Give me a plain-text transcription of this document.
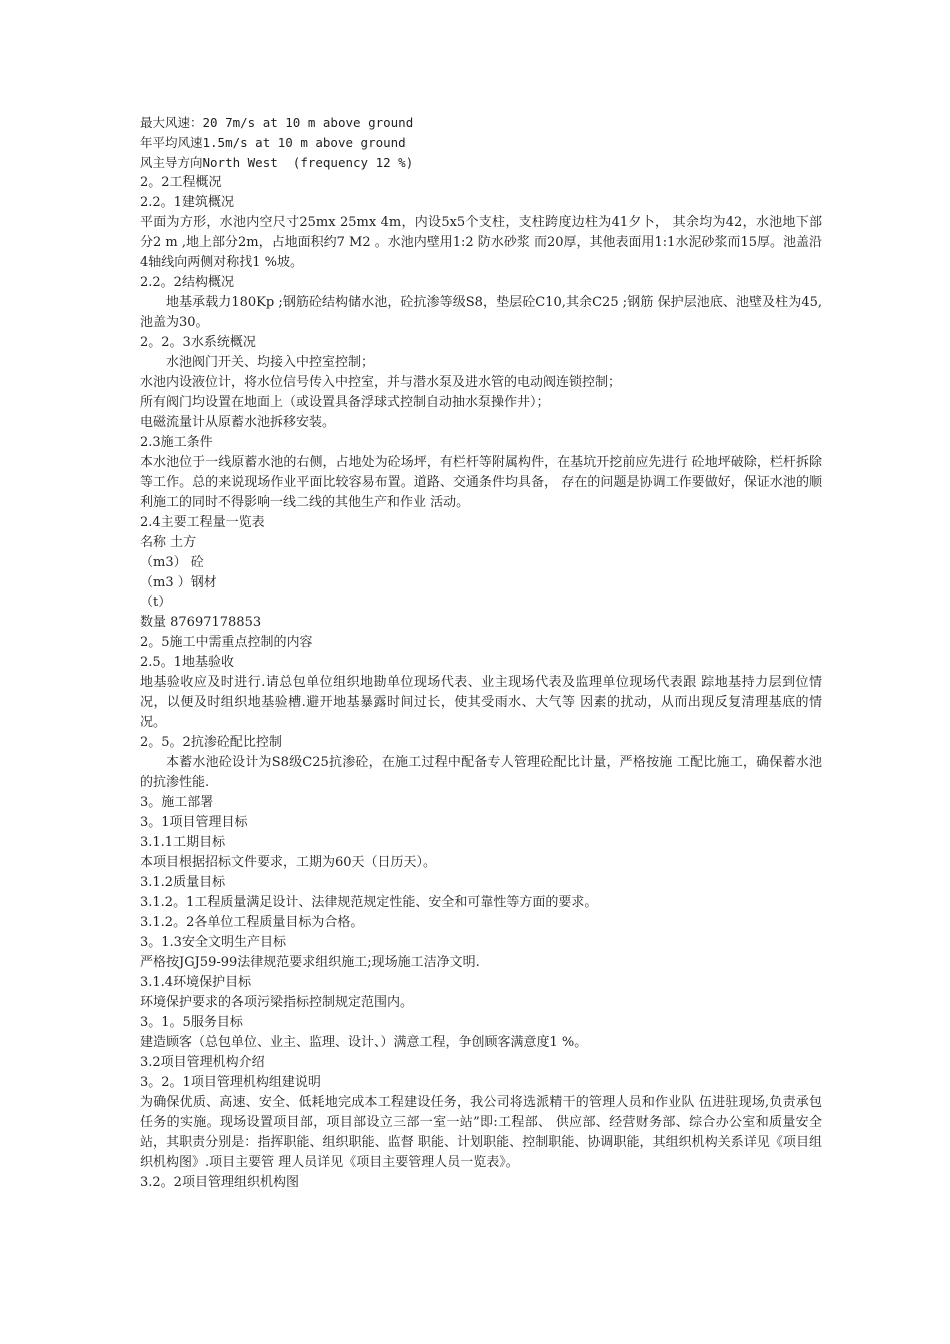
最大风速：20 7m/s at 10 m above ground

年平均风速1.5m/s at 10 m above ground

风主导方向North West  (frequency 12 %)

2。2工程概况

2.2。1建筑概况

平面为方形，水池内空尺寸25mx 25mx 4m，内设5x5个支柱，支柱跨度边柱为41夕卜， 其余均为42，水池地下部分2 m ,地上部分2m，占地面积约7 M2 。水池内壁用1:2 防水砂浆 而20厚，其他表面用1:1水泥砂浆而15厚。池盖沿4轴线向两侧对称找1 %坡。

2.2。2结构概况

地基承载力180Kp ;钢筋砼结构储水池，砼抗渗等级S8，垫层砼C10,其余C25 ;钢筋 保护层池底、池壁及柱为45,池盖为30。

2。2。3水系统概况

水池阀门开关、均接入中控室控制；

水池内设液位计，将水位信号传入中控室，并与潜水泵及进水管的电动阀连锁控制；

所有阀门均设置在地面上（或设置具备浮球式控制自动抽水泵操作井）；

电磁流量计从原蓄水池拆移安装。

2.3施工条件

本水池位于一线原蓄水池的右侧，占地处为砼场坪，有栏杆等附属构件，在基坑开挖前应先进行 砼地坪破除，栏杆拆除等工作。总的来说现场作业平面比较容易布置。道路、交通条件均具备， 存在的问题是协调工作要做好，保证水池的顺利施工的同时不得影响一线二线的其他生产和作业 活动。

2.4主要工程量一览表

名称 土方

（m3） 砼

（m3 ）钢材

（t）

数量 87697178853

2。5施工中需重点控制的内容

2.5。1地基验收

地基验收应及时进行.请总包单位组织地勘单位现场代表、业主现场代表及监理单位现场代表跟 踪地基持力层到位情况，以便及时组织地基验槽.避开地基暴露时间过长，使其受雨水、大气等 因素的扰动，从而出现反复清理基底的情况。

2。5。2抗渗砼配比控制

本蓄水池砼设计为S8级C25抗渗砼，在施工过程中配备专人管理砼配比计量，严格按施 工配比施工，确保蓄水池的抗渗性能.

3。施工部署

3。1项目管理目标

3.1.1工期目标

本项目根据招标文件要求，工期为60天（日历天）。

3.1.2质量目标

3.1.2。1工程质量满足设计、法律规范规定性能、安全和可靠性等方面的要求。

3.1.2。2各单位工程质量目标为合格。

3。1.3安全文明生产目标

严格按JGJ59-99法律规范要求组织施工;现场施工洁净文明.

3.1.4环境保护目标

环境保护要求的各项污梁指标控制规定范围内。

3。1。5服务目标

建造顾客（总包单位、业主、监理、设计、）满意工程，争创顾客满意度1 %。

3.2项目管理机构介绍

3。2。1项目管理机构组建说明

为确保优质、高速、安全、低耗地完成本工程建设任务，我公司将选派精干的管理人员和作业队 伍进驻现场,负责承包任务的实施。现场设置项目部，项目部设立三部一室一站”即:工程部、 供应部、经营财务部、综合办公室和质量安全站，其职责分别是：指挥职能、组织职能、监督 职能、计划职能、控制职能、协调职能，其组织机构关系详见《项目组织机构图》.项目主要管 理人员详见《项目主要管理人员一览表》。

3.2。2项目管理组织机构图
